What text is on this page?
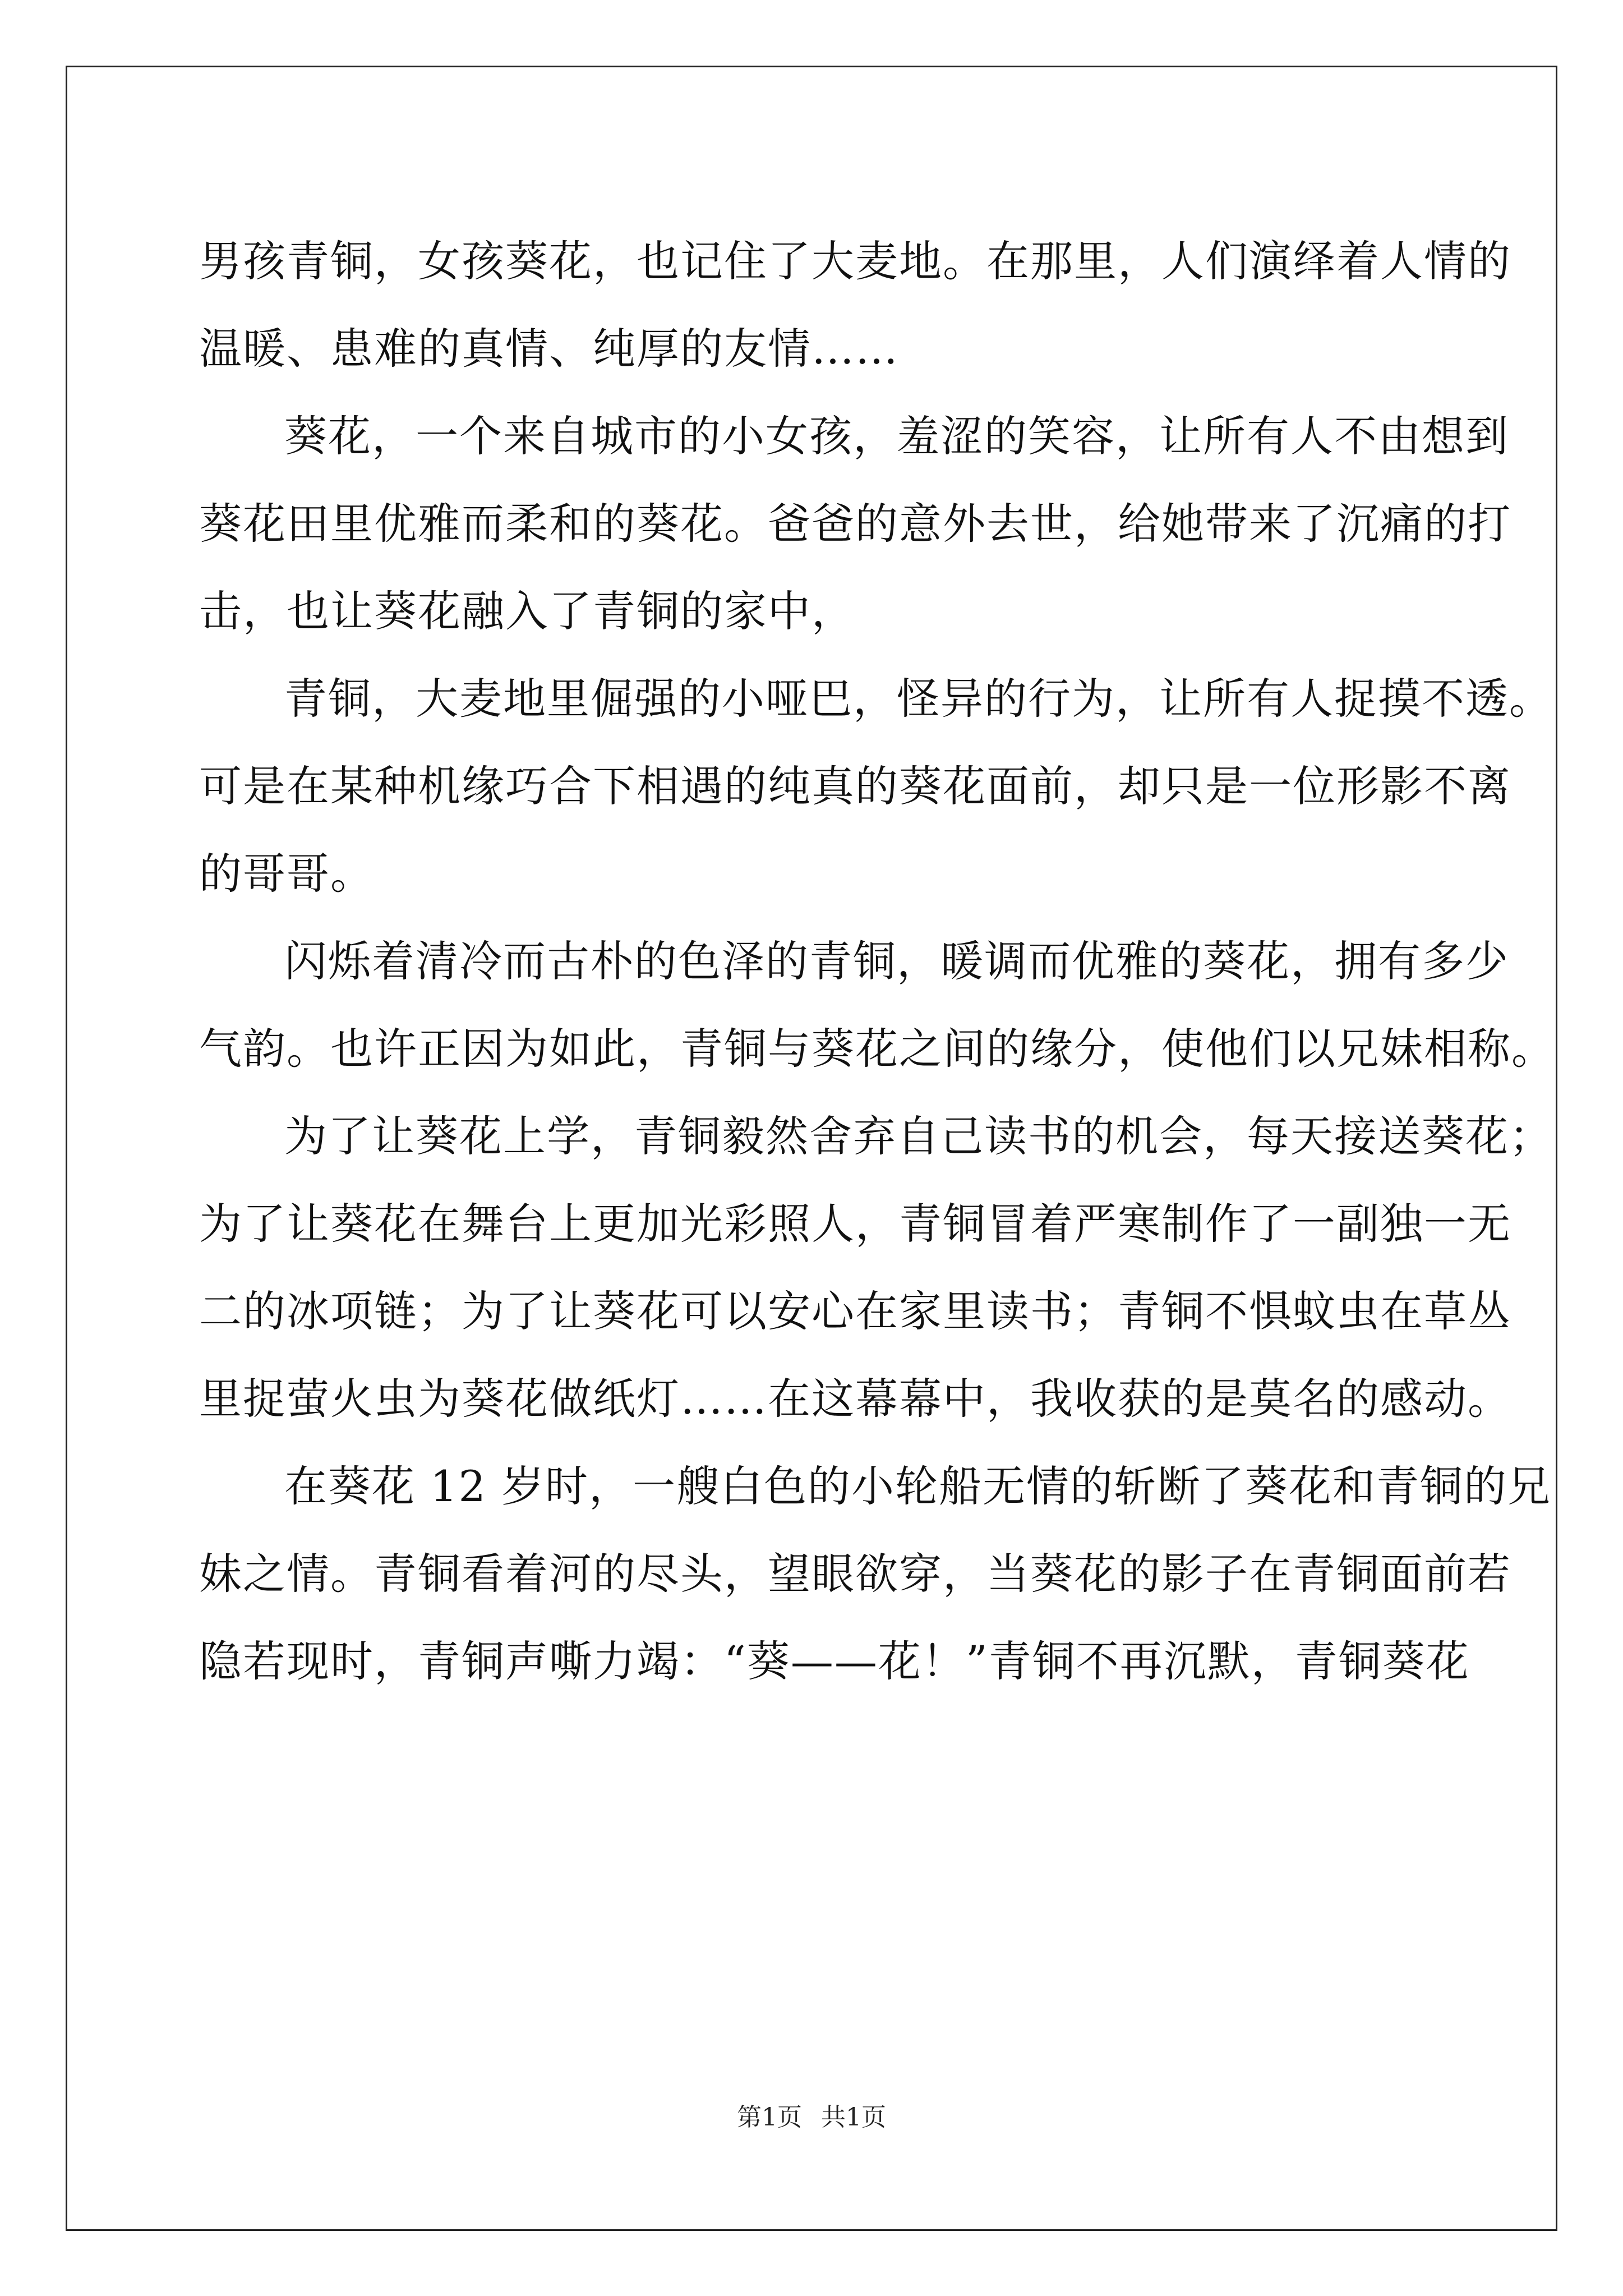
男孩青铜，女孩葵花，也记住了大麦地。在那里，人们演绎着人情的
温暖、患难的真情、纯厚的友情……
葵花，一个来自城市的小女孩，羞涩的笑容，让所有人不由想到
葵花田里优雅而柔和的葵花。爸爸的意外去世，给她带来了沉痛的打
击，也让葵花融入了青铜的家中，
青铜，大麦地里倔强的小哑巴，怪异的行为，让所有人捉摸不透。
可是在某种机缘巧合下相遇的纯真的葵花面前，却只是一位形影不离
的哥哥。
闪烁着清冷而古朴的色泽的青铜，暖调而优雅的葵花，拥有多少
气韵。也许正因为如此，青铜与葵花之间的缘分，使他们以兄妹相称。
为了让葵花上学，青铜毅然舍弃自己读书的机会，每天接送葵花；
为了让葵花在舞台上更加光彩照人，青铜冒着严寒制作了一副独一无
二的冰项链；为了让葵花可以安心在家里读书；青铜不惧蚊虫在草丛
里捉萤火虫为葵花做纸灯……在这幕幕中，我收获的是莫名的感动。
在葵花 12 岁时，一艘白色的小轮船无情的斩断了葵花和青铜的兄
妹之情。青铜看着河的尽头，望眼欲穿，当葵花的影子在青铜面前若
隐若现时，青铜声嘶力竭：“葵——花！”青铜不再沉默，青铜葵花
第1页 共1页
